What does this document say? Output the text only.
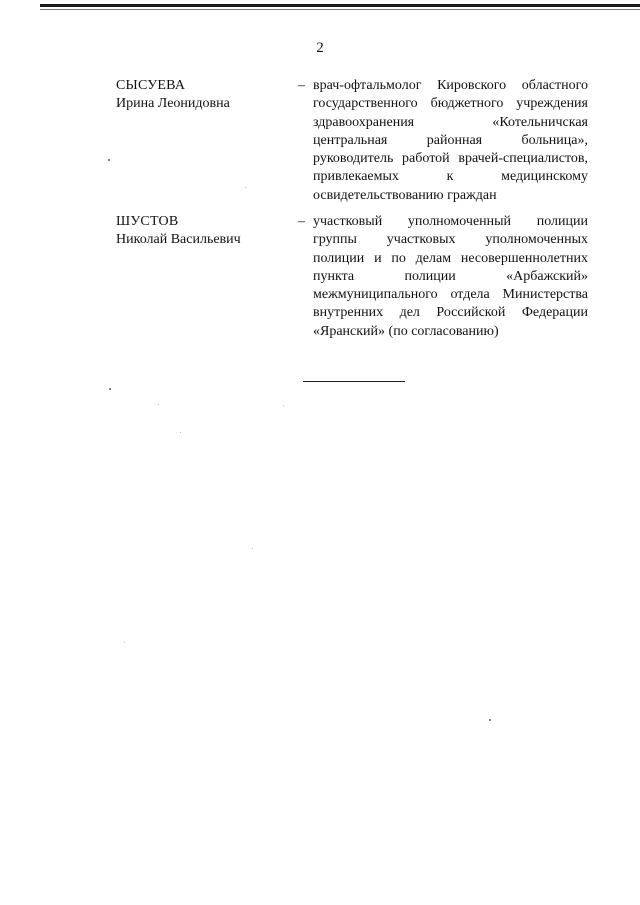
2
СЫСУЕВА
Ирина Леонидовна
– врач-офтальмолог Кировского областного государственного бюджетного учреждения здравоохранения «Котельничская центральная районная больница», руководитель работой врачей-специалистов, привлекаемых к медицинскому освидетельствованию граждан
ШУСТОВ
Николай Васильевич
– участковый уполномоченный полиции группы участковых уполномоченных полиции и по делам несовершеннолетних пункта полиции «Арбажский» межмуниципального отдела Министерства внутренних дел Российской Федерации «Яранский» (по согласованию)
